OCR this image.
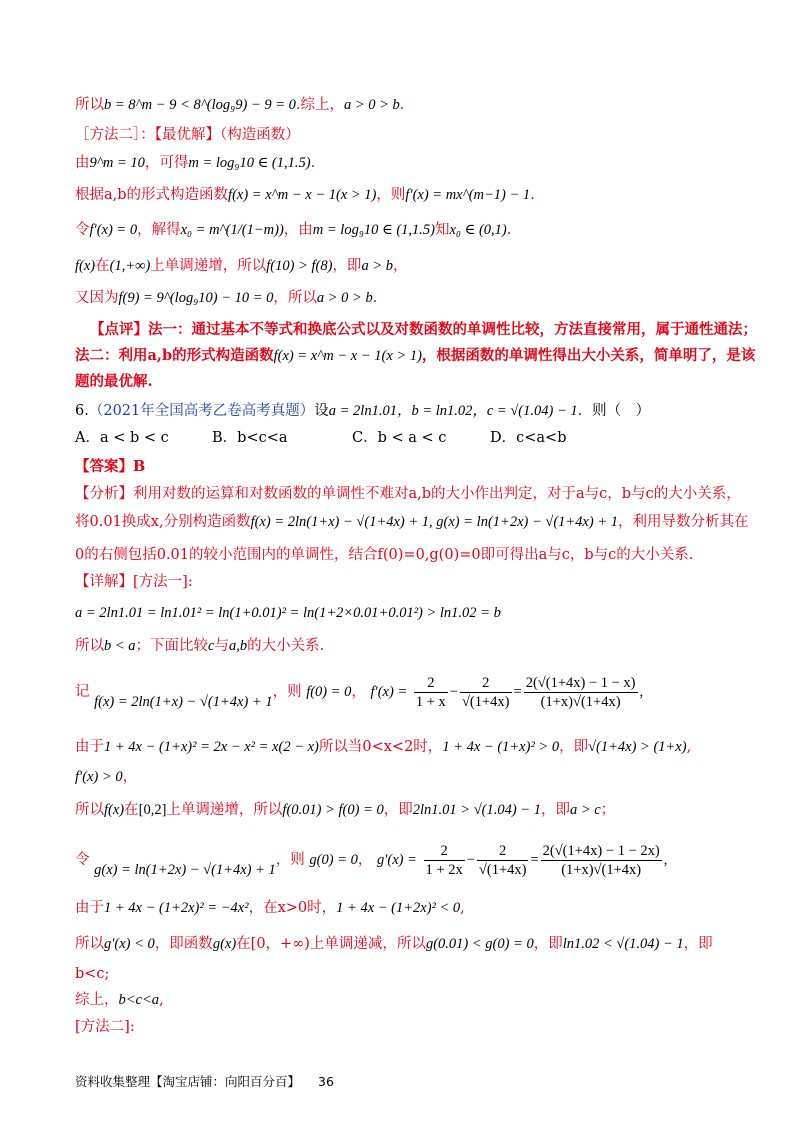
所以b = 8^m − 9 < 8^(log₉9) − 9 = 0.综上，a > 0 > b.
［方法二］：【最优解】（构造函数）
由9^m = 10，可得m = log₉10 ∈ (1,1.5).
根据a,b的形式构造函数f(x) = x^m − x − 1(x > 1)，则f′(x) = mx^(m−1) − 1.
令f′(x) = 0，解得x₀ = m^(1/(1−m))，由m = log₉10 ∈ (1,1.5)知x₀ ∈ (0,1).
f(x)在(1,+∞)上单调递增，所以f(10) > f(8)，即a > b，
又因为f(9) = 9^(log₉10) − 10 = 0，所以a > 0 > b.
【点评】法一：通过基本不等式和换底公式以及对数函数的单调性比较，方法直接常用，属于通性通法；
法二：利用a,b的形式构造函数f(x) = x^m − x − 1(x > 1)，根据函数的单调性得出大小关系，简单明了，是该
题的最优解.
6.（2021年全国高考乙卷高考真题）设a = 2ln1.01，b = ln1.02，c = √(1.04) − 1．则（　）
A．a < b < c	B．b<c<a	C．b < a < c	D．c<a<b
【答案】B
【分析】利用对数的运算和对数函数的单调性不难对a,b的大小作出判定，对于a与c，b与c的大小关系，
将0.01换成x,分别构造函数f(x) = 2ln(1+x) − √(1+4x) + 1, g(x) = ln(1+2x) − √(1+4x) + 1，利用导数分析其在
0的右侧包括0.01的较小范围内的单调性，结合f(0)=0,g(0)=0即可得出a与c，b与c的大小关系.
【详解】[方法一]:
a = 2ln1.01 = ln1.01² = ln(1+0.01)² = ln(1+2×0.01+0.01²) > ln1.02 = b
所以b < a；下面比较c与a,b的大小关系.
记 f(x) = 2ln(1+x) − √(1+4x) + 1，则 f(0) = 0， $f'(x) = \frac{2}{1 + x} - \frac{2}{√(1+4x)} = \frac{2(√(1+4x) - 1 - x)}{(1+x)√(1+4x)}$ ,
由于1 + 4x − (1+x)² = 2x − x² = x(2 − x)所以当0<x<2时，1 + 4x − (1+x)² > 0，即√(1+4x) > (1+x),
f′(x) > 0，
所以f(x)在[0,2]上单调递增，所以f(0.01) > f(0) = 0，即2ln1.01 > √(1.04) − 1，即a > c；
令 g(x) = ln(1+2x) − √(1+4x) + 1，则 g(0) = 0， $g'(x) = \frac{2}{1 + 2x} - \frac{2}{√(1+4x)} = \frac{2(√(1+4x) - 1 - 2x)}{(1+x)√(1+4x)}$ ,
由于1 + 4x − (1+2x)² = −4x²，在x>0时，1 + 4x − (1+2x)² < 0,
所以g′(x) < 0，即函数g(x)在[0，+∞)上单调递减，所以g(0.01) < g(0) = 0，即ln1.02 < √(1.04) − 1，即
b<c;
综上，b<c<a,
[方法二]:
资料收集整理【淘宝店铺：向阳百分百】 36
